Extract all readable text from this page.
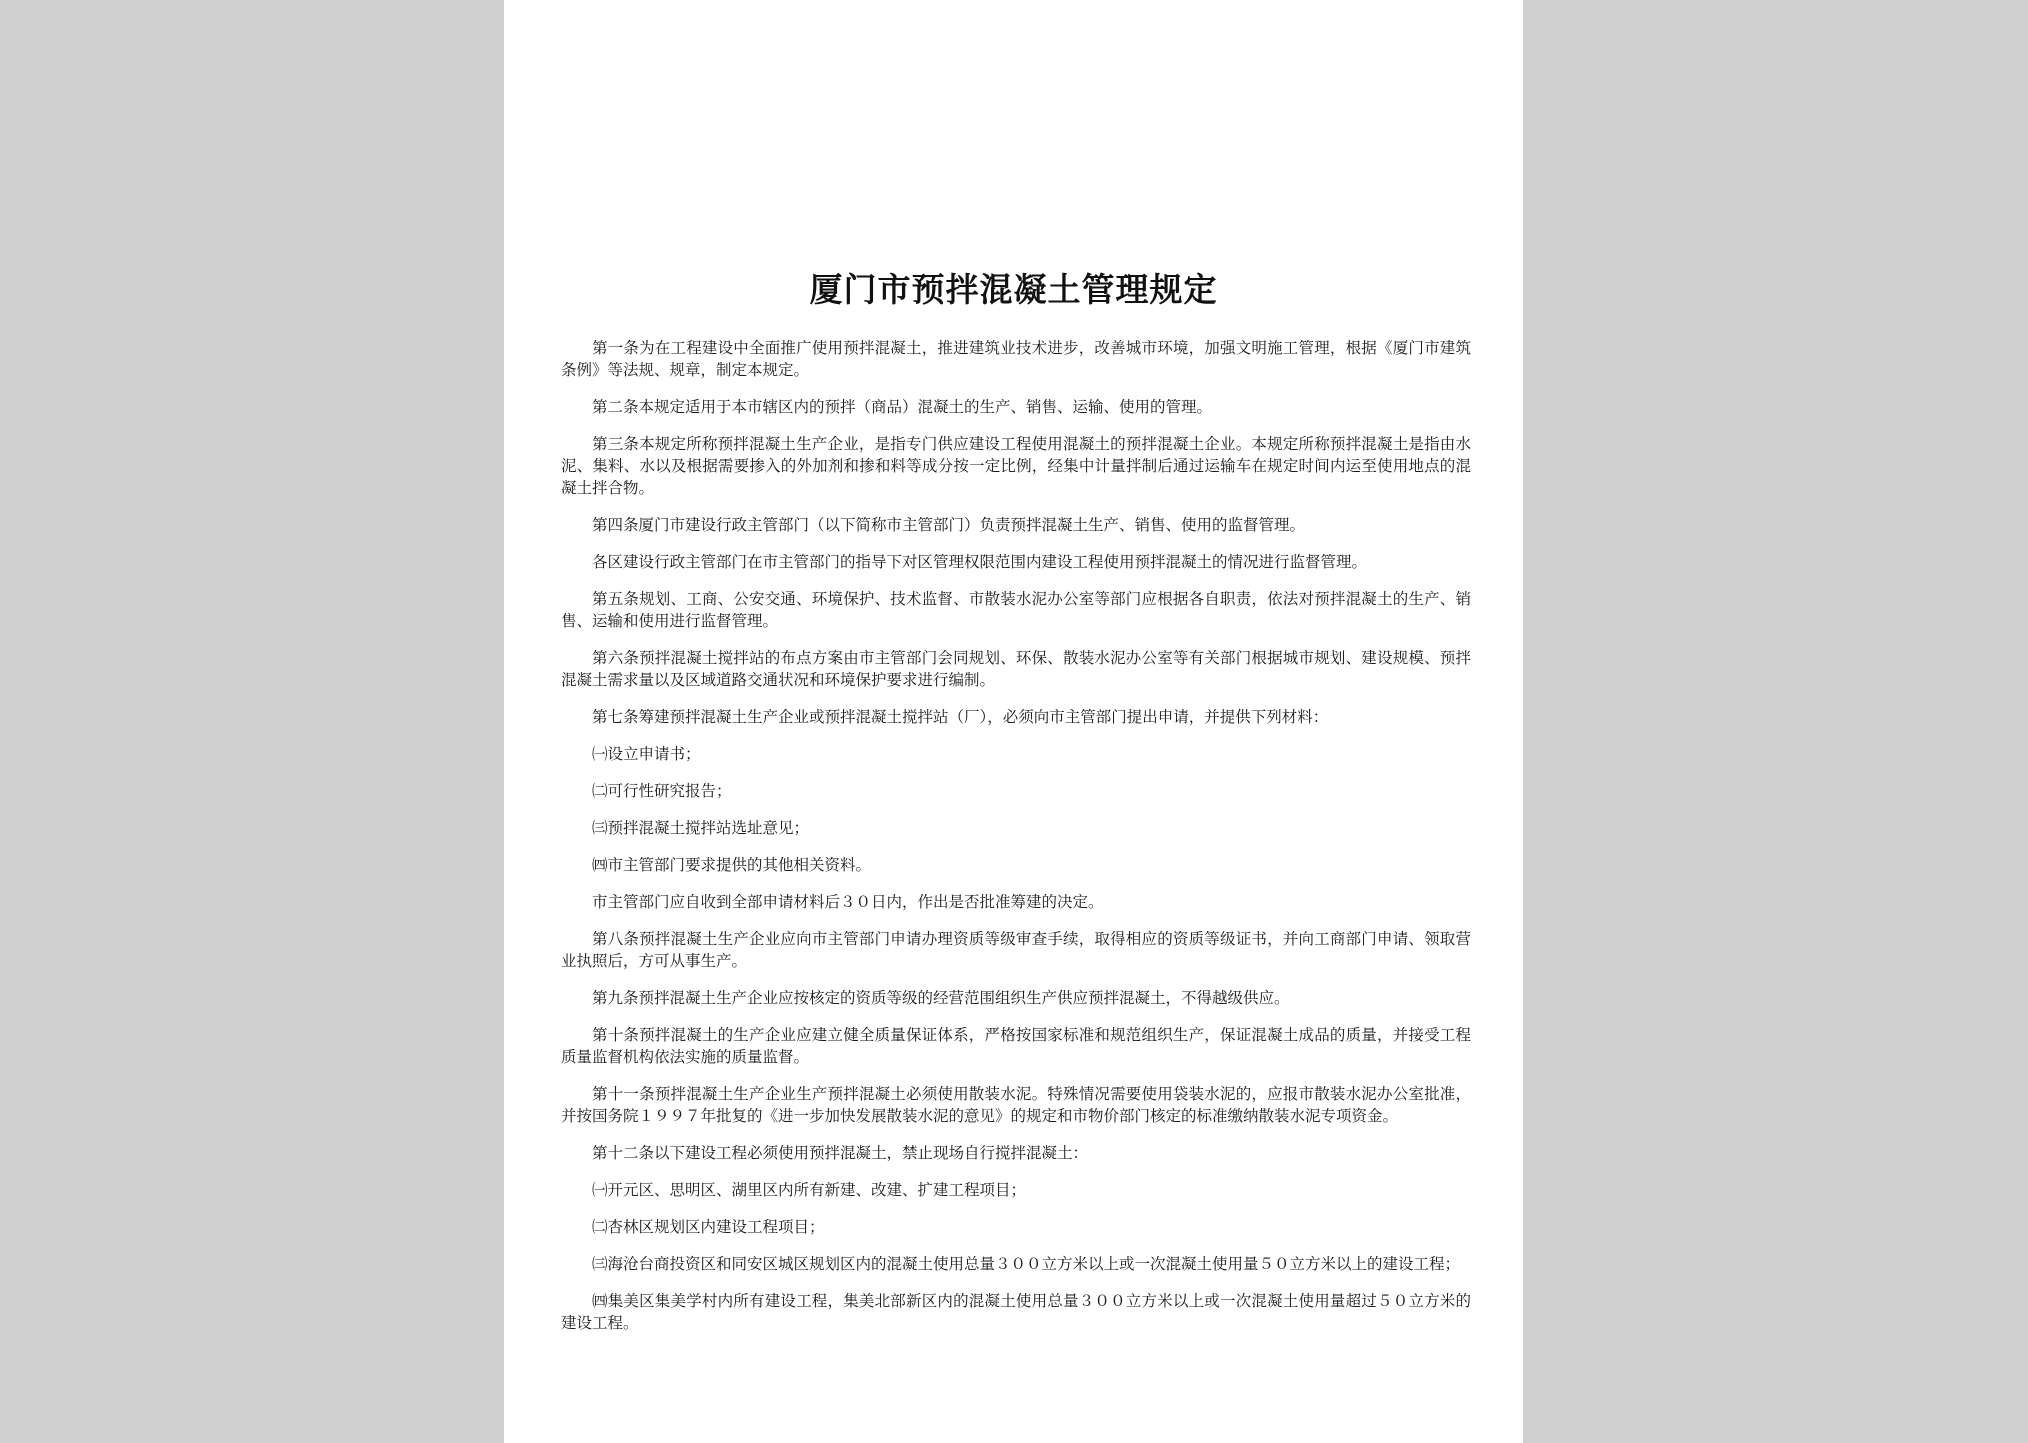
厦门市预拌混凝土管理规定

第一条为在工程建设中全面推广使用预拌混凝土，推进建筑业技术进步，改善城市环境，加强文明施工管理，根据《厦门市建筑条例》等法规、规章，制定本规定。

第二条本规定适用于本市辖区内的预拌（商品）混凝土的生产、销售、运输、使用的管理。

第三条本规定所称预拌混凝土生产企业，是指专门供应建设工程使用混凝土的预拌混凝土企业。本规定所称预拌混凝土是指由水泥、集料、水以及根据需要掺入的外加剂和掺和料等成分按一定比例，经集中计量拌制后通过运输车在规定时间内运至使用地点的混凝土拌合物。

第四条厦门市建设行政主管部门（以下简称市主管部门）负责预拌混凝土生产、销售、使用的监督管理。

各区建设行政主管部门在市主管部门的指导下对区管理权限范围内建设工程使用预拌混凝土的情况进行监督管理。

第五条规划、工商、公安交通、环境保护、技术监督、市散装水泥办公室等部门应根据各自职责，依法对预拌混凝土的生产、销售、运输和使用进行监督管理。

第六条预拌混凝土搅拌站的布点方案由市主管部门会同规划、环保、散装水泥办公室等有关部门根据城市规划、建设规模、预拌混凝土需求量以及区域道路交通状况和环境保护要求进行编制。

第七条筹建预拌混凝土生产企业或预拌混凝土搅拌站（厂），必须向市主管部门提出申请，并提供下列材料：

㈠设立申请书；

㈡可行性研究报告；

㈢预拌混凝土搅拌站选址意见；

㈣市主管部门要求提供的其他相关资料。

市主管部门应自收到全部申请材料后３０日内，作出是否批准筹建的决定。

第八条预拌混凝土生产企业应向市主管部门申请办理资质等级审查手续，取得相应的资质等级证书，并向工商部门申请、领取营业执照后，方可从事生产。

第九条预拌混凝土生产企业应按核定的资质等级的经营范围组织生产供应预拌混凝土，不得越级供应。

第十条预拌混凝土的生产企业应建立健全质量保证体系，严格按国家标准和规范组织生产，保证混凝土成品的质量，并接受工程质量监督机构依法实施的质量监督。

第十一条预拌混凝土生产企业生产预拌混凝土必须使用散装水泥。特殊情况需要使用袋装水泥的，应报市散装水泥办公室批准，并按国务院１９９７年批复的《进一步加快发展散装水泥的意见》的规定和市物价部门核定的标准缴纳散装水泥专项资金。

第十二条以下建设工程必须使用预拌混凝土，禁止现场自行搅拌混凝土：

㈠开元区、思明区、湖里区内所有新建、改建、扩建工程项目；

㈡杏林区规划区内建设工程项目；

㈢海沧台商投资区和同安区城区规划区内的混凝土使用总量３００立方米以上或一次混凝土使用量５０立方米以上的建设工程；

㈣集美区集美学村内所有建设工程，集美北部新区内的混凝土使用总量３００立方米以上或一次混凝土使用量超过５０立方米的建设工程。
